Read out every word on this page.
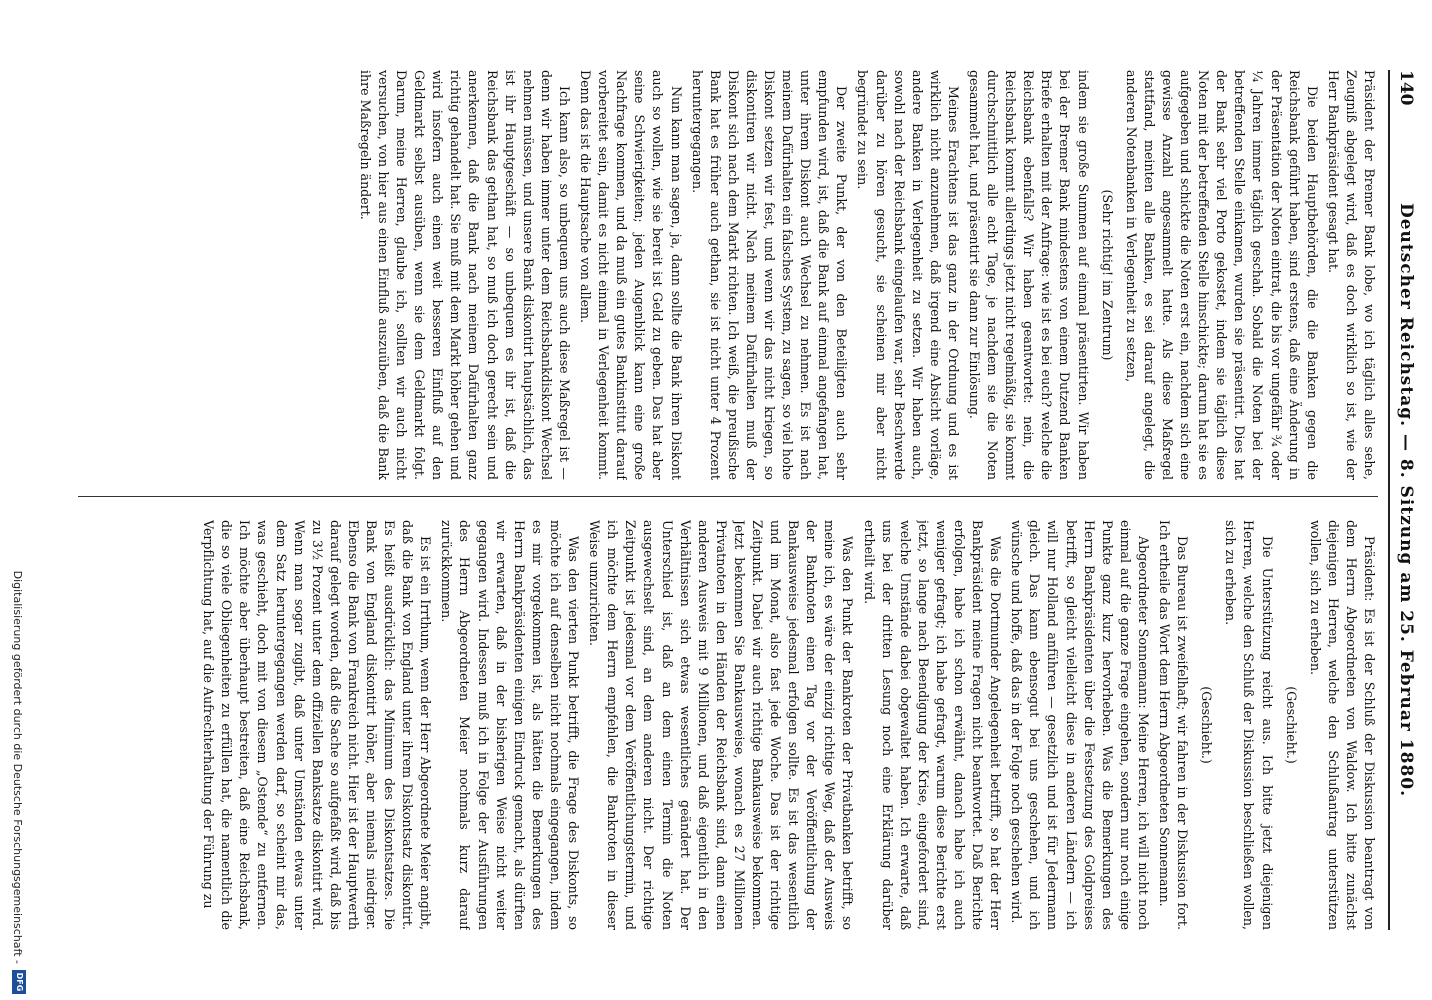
140
Deutscher Reichstag. — 8. Sitzung am 25. Februar 1880.

Präsident der Bremer Bank lobe, wo ich täglich alles sehe, Zeugniß abgelegt wird, daß es doch wirklich so ist, wie der Herr Bankpräsident gesagt hat.

Die beiden Hauptbehörden, die die Banken gegen die Reichsbank geführt haben, sind erstens, daß eine Änderung in der Präsentation der Noten eintrat, die bis vor ungefähr ¾ oder ¼ Jahren immer täglich geschah. Sobald die Noten bei der betreffenden Stelle einkamen, wurden sie präsentirt. Dies hat der Bank sehr viel Porto gekostet, indem sie täglich diese Noten mit der betreffenden Stelle hinschickte; darum hat sie es aufgegeben und schickte die Noten erst ein, nachdem sich eine gewisse Anzahl angesammelt hatte. Als diese Maßregel stattfand, meinten alle Banken, es sei darauf angelegt, die anderen Notenbanken in Verlegenheit zu setzen,

(Sehr richtig! im Zentrum)

indem sie große Summen auf einmal präsentirten. Wir haben bei der Bremer Bank mindestens von einem Dutzend Banken Briefe erhalten mit der Anfrage: wie ist es bei euch? welche die Reichsbank ebenfalls? Wir haben geantwortet: nein, die Reichsbank kommt allerdings jetzt nicht regelmäßig, sie kommt durchschnittlich alle acht Tage, je nachdem sie die Noten gesammelt hat, und präsentirt sie dann zur Einlösung.

Meines Erachtens ist das ganz in der Ordnung und es ist wirklich nicht anzunehmen, daß irgend eine Absicht vorläge, andere Banken in Verlegenheit zu setzen. Wir haben auch, sowohl nach der Reichsbank eingelaufen war, sehr Beschwerde darüber zu hören gesucht, sie scheinen mir aber nicht begründet zu sein.

Der zweite Punkt, der von den Beteiligten auch sehr empfunden wird, ist, daß die Bank auf einmal angefangen hat, unter ihrem Diskont auch Wechsel zu nehmen. Es ist nach meinem Dafürhalten ein falsches System, zu sagen, so viel hohe Diskont setzen wir fest, und wenn wir das nicht kriegen, so diskontiren wir nicht. Nach meinem Dafürhalten muß der Diskont sich nach dem Markt richten. Ich weiß, die preußische Bank hat es früher auch gethan, sie ist nicht unter 4 Prozent heruntergegangen.

Nun kann man sagen, ja, dann sollte die Bank ihren Diskont auch so wollen, wie sie bereit ist Geld zu geben. Das hat aber seine Schwierigkeiten; jeden Augenblick kann eine große Nachfrage kommen, und da muß ein gutes Bankinstitut darauf vorbereitet sein, damit es nicht einmal in Verlegenheit kommt. Denn das ist die Hauptsache von allem.

Ich kann also, so unbequem uns auch diese Maßregel ist — denn wir haben immer unter dem Reichsbankdiskont Wechsel nehmen müssen, und unsere Bank diskontirt hauptsächlich, das ist ihr Hauptgeschäft — so unbequem es ihr ist, daß die Reichsbank das gethan hat, so muß ich doch gerecht sein und anerkennen, daß die Bank nach meinem Dafürhalten ganz richtig gehandelt hat. Sie muß mit dem Markt höher gehen und wird insofern auch einen weit besseren Einfluß auf den Geldmarkt selbst ausüben, wenn sie dem Geldmarkt folgt. Darum, meine Herren, glaube ich, sollten wir auch nicht versuchen, von hier aus einen Einfluß auszuüben, daß die Bank ihre Maßregeln ändert.

Präsident: Es ist der Schluß der Diskussion beantragt von dem Herrn Abgeordneten von Waldow. Ich bitte zunächst diejenigen Herren, welche den Schlußantrag unterstützen wollen, sich zu erheben.

(Geschieht.)

Die Unterstützung reicht aus. Ich bitte jetzt diejenigen Herren, welche den Schluß der Diskussion beschließen wollen, sich zu erheben.

(Geschieht.)

Das Bureau ist zweifelhaft; wir fahren in der Diskussion fort. Ich ertheile das Wort dem Herrn Abgeordneten Sonnemann.

Abgeordneter Sonnemann: Meine Herren, ich will nicht noch einmal auf die ganze Frage eingehen, sondern nur noch einige Punkte ganz kurz hervorheben. Was die Bemerkungen des Herrn Bankpräsidenten über die Festsetzung des Goldpreises betrifft, so gleicht vielleicht diese in anderen Ländern — ich will nur Holland anführen — gesetzlich und ist für Jedermann gleich. Das kann ebensogut bei uns geschehen, und ich wünsche und hoffe, daß das in der Folge noch geschehen wird.

Was die Dortmunder Angelegenheit betrifft, so hat der Herr Bankpräsident meine Fragen nicht beantwortet. Daß Berichte erfolgen, habe ich schon erwähnt, danach habe ich auch weniger gefragt; ich habe gefragt, warum diese Berichte erst jetzt, so lange nach Beendigung der Krise, eingefordert sind, welche Umstände dabei obgewaltet haben. Ich erwarte, daß uns bei der dritten Lesung noch eine Erklärung darüber ertheilt wird.

Was den Punkt der Bankroten der Privatbanken betrifft, so meine ich, es wäre der einzig richtige Weg, daß der Ausweis der Banknoten einen Tag vor der Veröffentlichung der Bankausweise jedesmal erfolgen sollte. Es ist das wesentlich und im Monat, also fast jede Woche. Das ist der richtige Zeitpunkt. Dabei wir auch richtige Bankausweise bekommen. Jetzt bekommen Sie Bankausweise, wonach es 27 Millionen Privatnoten in den Händen der Reichsbank sind, dann einen anderen Ausweis mit 9 Millionen, und daß eigentlich in den Verhältnissen sich etwas wesentliches geändert hat. Der Unterschied ist, daß an dem einen Termin die Noten ausgewechselt sind, an dem anderen nicht. Der richtige Zeitpunkt ist jedesmal vor dem Veröffentlichungstermin, und ich möchte dem Herrn empfehlen, die Bankroten in dieser Weise umzurichten.

Was den vierten Punkt betrifft, die Frage des Diskonts, so möchte ich auf denselben nicht nochmals eingegangen, indem es mir vorgekommen ist, als hätten die Bemerkungen des Herrn Bankpräsidenten einigen Eindruck gemacht, als dürften wir erwarten, daß in der bisherigen Weise nicht weiter gegangen wird. Indessen muß ich in Folge der Ausführungen des Herrn Abgeordneten Meier nochmals kurz darauf zurückkommen.

Es ist ein Irrthum, wenn der Herr Abgeordnete Meier angibt, daß die Bank von England unter ihrem Diskontsatz diskontirt. Es heißt ausdrücklich: das Minimum des Diskontsatzes. Die Bank von England diskontirt höher, aber niemals niedriger. Ebenso die Bank von Frankreich nicht. Hier ist der Hauptwerth darauf gelegt worden, daß die Sache so aufgefaßt wird, daß bis zu 3½ Prozent unter dem offiziellen Banksatze diskontirt wird. Wenn man sogar zugibt, daß unter Umständen etwas unter dem Satz heruntergegangen werden darf, so scheint mir das, was geschieht, doch mit von diesem „Ostende“ zu entfernen. Ich möchte aber überhaupt bestreiten, daß eine Reichsbank, die so viele Obliegenheiten zu erfüllen hat, die namentlich die Verpflichtung hat, auf die Aufrechterhaltung der Führung zu

Digitalisierung gefördert durch die Deutsche Forschungsgemeinschaft -
DFG
